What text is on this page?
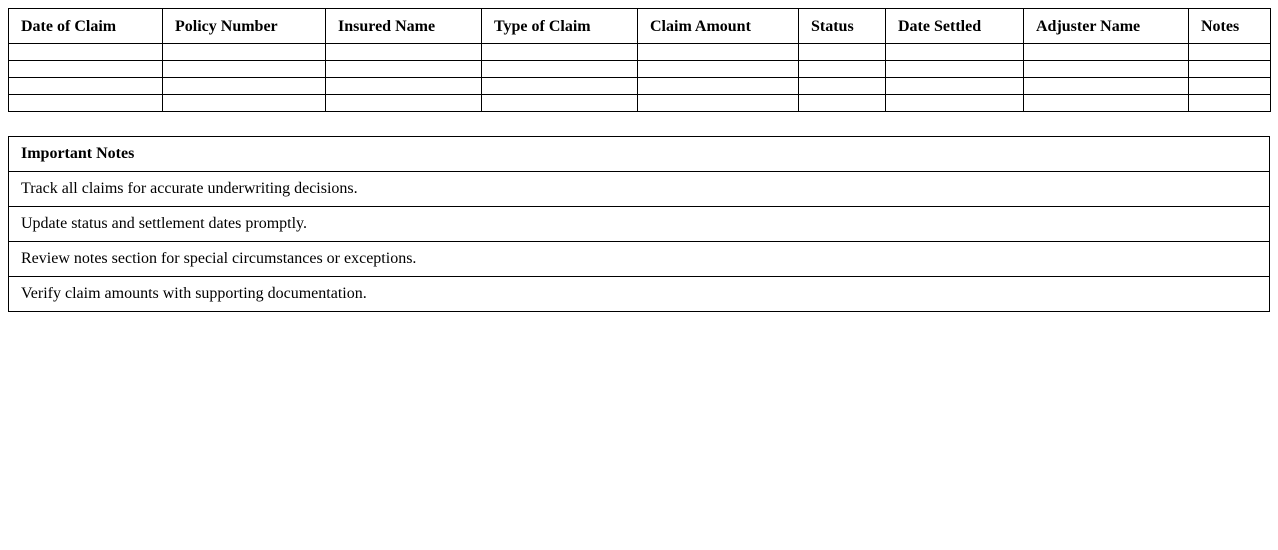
Date of Claim	Policy Number	Insured Name	Type of Claim	Claim Amount	Status	Date Settled	Adjuster Name	Notes

Important Notes
Track all claims for accurate underwriting decisions.
Update status and settlement dates promptly.
Review notes section for special circumstances or exceptions.
Verify claim amounts with supporting documentation.
